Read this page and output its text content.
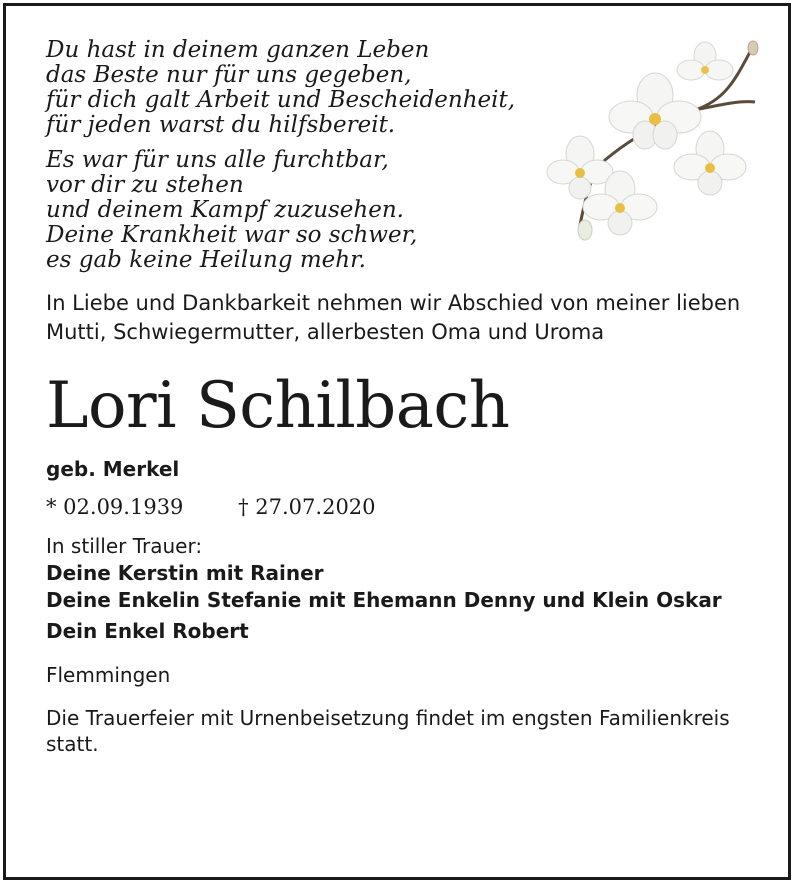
Du hast in deinem ganzen Leben
das Beste nur für uns gegeben,
für dich galt Arbeit und Bescheidenheit,
für jeden warst du hilfsbereit.
Es war für uns alle furchtbar,
vor dir zu stehen
und deinem Kampf zuzusehen.
Deine Krankheit war so schwer,
es gab keine Heilung mehr.
In Liebe und Dankbarkeit nehmen wir Abschied von meiner lieben Mutti, Schwiegermutter, allerbesten Oma und Uroma
Lori Schilbach
geb. Merkel
* 02.09.1939	† 27.07.2020
In stiller Trauer:
Deine Kerstin mit Rainer
Deine Enkelin Stefanie mit Ehemann Denny und Klein Oskar
Dein Enkel Robert
Flemmingen
Die Trauerfeier mit Urnenbeisetzung findet im engsten Familienkreis statt.
